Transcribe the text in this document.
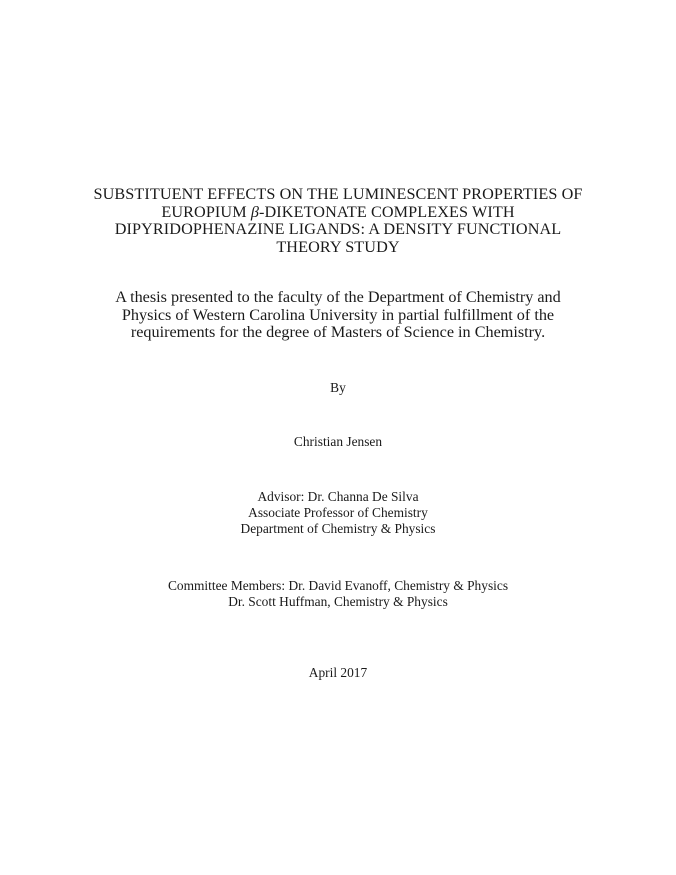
SUBSTITUENT EFFECTS ON THE LUMINESCENT PROPERTIES OF
EUROPIUM β-DIKETONATE COMPLEXES WITH
DIPYRIDOPHENAZINE LIGANDS: A DENSITY FUNCTIONAL
THEORY STUDY
A thesis presented to the faculty of the Department of Chemistry and
Physics of Western Carolina University in partial fulfillment of the
requirements for the degree of Masters of Science in Chemistry.
By
Christian Jensen
Advisor: Dr. Channa De Silva
Associate Professor of Chemistry
Department of Chemistry & Physics
Committee Members: Dr. David Evanoff, Chemistry & Physics
Dr. Scott Huffman, Chemistry & Physics
April 2017
